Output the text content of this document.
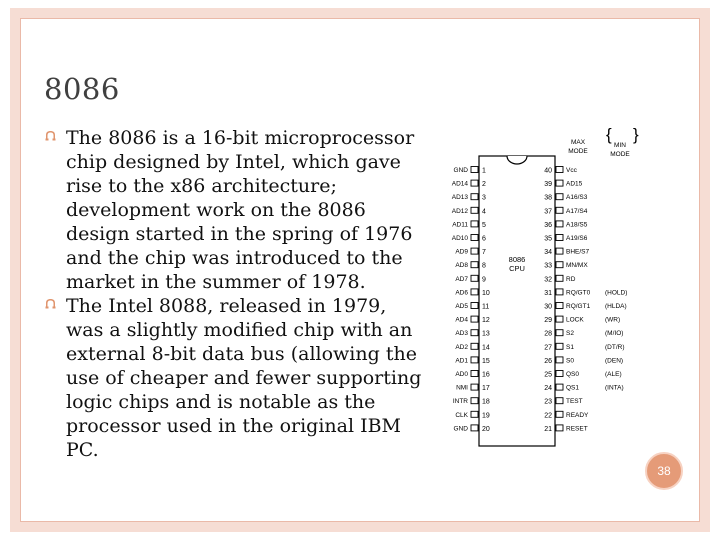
8086
The 8086 is a 16-bit microprocessor chip designed by Intel, which gave rise to the x86 architecture; development work on the 8086 design started in the spring of 1976 and the chip was introduced to the market in the summer of 1978.
The Intel 8088, released in 1979, was a slightly modified chip with an external 8-bit data bus (allowing the use of cheaper and fewer supporting logic chips and is notable as the processor used in the original IBM PC.
8086
CPU
MAX
MODE
{
MIN
MODE
}
GND 1
AD14 2
AD13 3
AD12 4
AD11 5
AD10 6
AD9 7
AD8 8
AD7 9
AD6 10
AD5 11
AD4 12
AD3 13
AD2 14
AD1 15
AD0 16
NMI 17
INTR 18
CLK 19
GND 20
40 Vcc
39 AD15
38 A16/S3
37 A17/S4
36 A18/S5
35 A19/S6
34 BHE/S7
33 MN/MX
32 RD
31 RQ/GT0 (HOLD)
30 RQ/GT1 (HLDA)
29 LOCK	(WR)
28 S2	(M/IO)
27 S1	(DT/R)
26 S0	(DEN)
25 QS0	(ALE)
24 QS1	(INTA)
23 TEST
22 READY
21 RESET
38
